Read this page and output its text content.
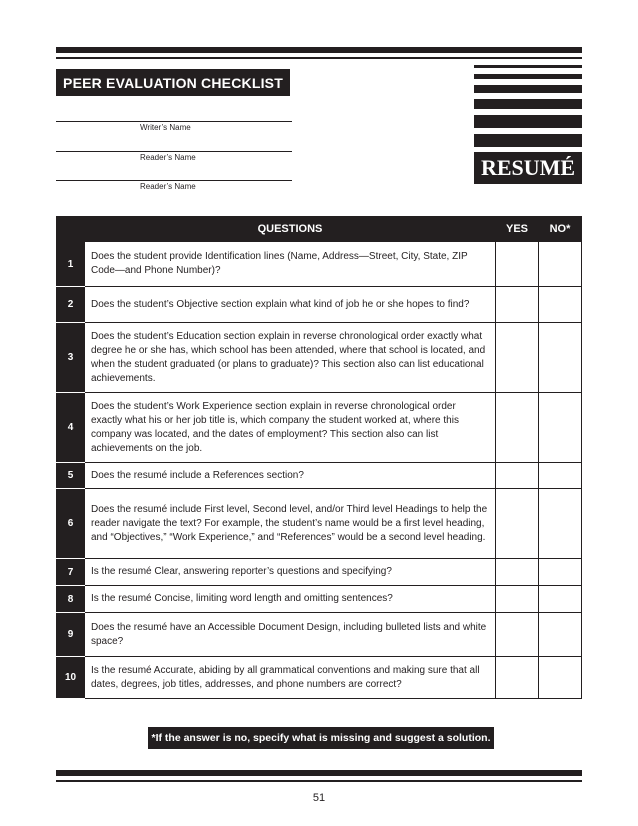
PEER EVALUATION CHECKLIST
Writer’s Name
Reader’s Name
Reader’s Name
RESUMÉ
	QUESTIONS	YES	NO*
1	Does the student provide Identification lines (Name, Address—Street, City, State, ZIP Code—and Phone Number)?		
2	Does the student’s Objective section explain what kind of job he or she hopes to find?		
3	Does the student’s Education section explain in reverse chronological order exactly what degree he or she has, which school has been attended, where that school is located, and when the student graduated (or plans to graduate)? This section also can list educational achievements.		
4	Does the student’s Work Experience section explain in reverse chronological order exactly what his or her job title is, which company the student worked at, where this company was located, and the dates of employment? This section also can list achievements on the job.		
5	Does the resumé include a References section?		
6	Does the resumé include First level, Second level, and/or Third level Headings to help the reader navigate the text? For example, the student’s name would be a first level heading, and “Objectives,” “Work Experience,” and “References” would be a second level heading.		
7	Is the resumé Clear, answering reporter’s questions and specifying?		
8	Is the resumé Concise, limiting word length and omitting sentences?		
9	Does the resumé have an Accessible Document Design, including bulleted lists and white space?		
10	Is the resumé Accurate, abiding by all grammatical conventions and making sure that all dates, degrees, job titles, addresses, and phone numbers are correct?		
*If the answer is no, specify what is missing and suggest a solution.
51
